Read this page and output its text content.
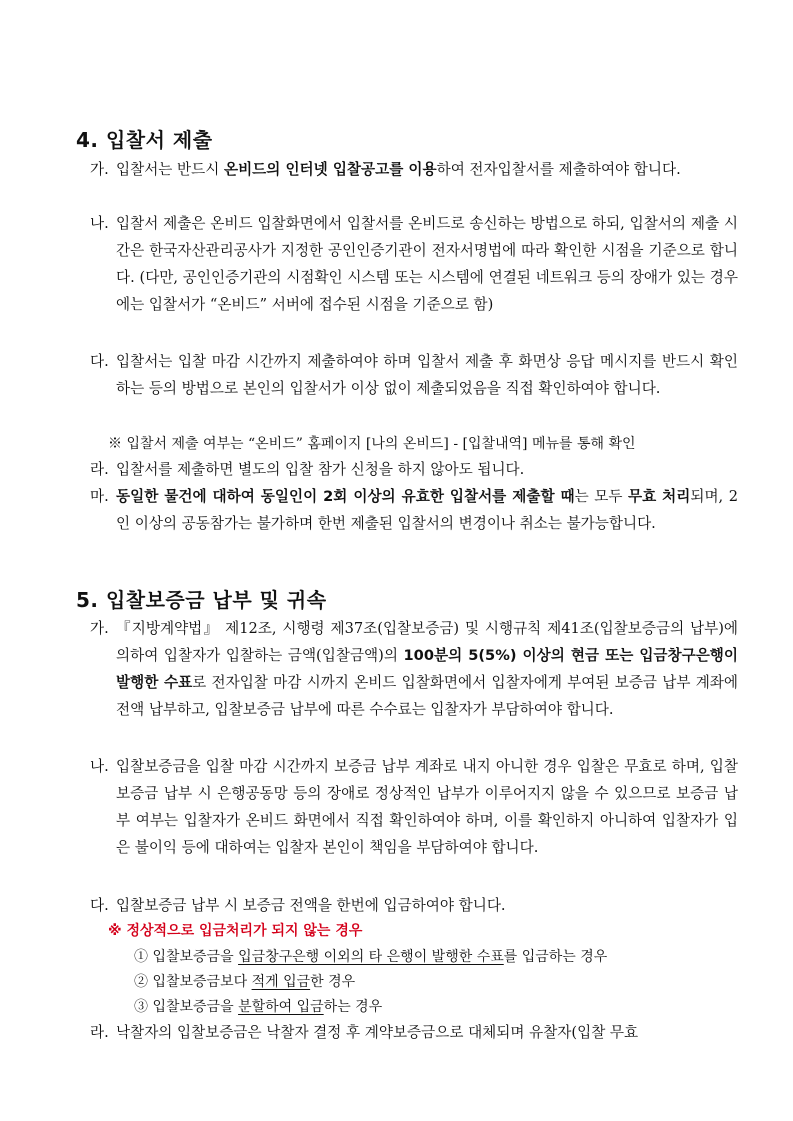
4. 입찰서 제출
가. 입찰서는 반드시 온비드의 인터넷 입찰공고를 이용하여 전자입찰서를 제출하여야 합니다.
나. 입찰서 제출은 온비드 입찰화면에서 입찰서를 온비드로 송신하는 방법으로 하되, 입찰서의 제출 시간은 한국자산관리공사가 지정한 공인인증기관이 전자서명법에 따라 확인한 시점을 기준으로 합니다. (다만, 공인인증기관의 시점확인 시스템 또는 시스템에 연결된 네트워크 등의 장애가 있는 경우에는 입찰서가 “온비드” 서버에 접수된 시점을 기준으로 함)
다. 입찰서는 입찰 마감 시간까지 제출하여야 하며 입찰서 제출 후 화면상 응답 메시지를 반드시 확인하는 등의 방법으로 본인의 입찰서가 이상 없이 제출되었음을 직접 확인하여야 합니다.
※ 입찰서 제출 여부는 “온비드” 홈페이지 [나의 온비드] - [입찰내역] 메뉴를 통해 확인
라. 입찰서를 제출하면 별도의 입찰 참가 신청을 하지 않아도 됩니다.
마. 동일한 물건에 대하여 동일인이 2회 이상의 유효한 입찰서를 제출할 때는 모두 무효 처리되며, 2인 이상의 공동참가는 불가하며 한번 제출된 입찰서의 변경이나 취소는 불가능합니다.
5. 입찰보증금 납부 및 귀속
가. 『지방계약법』 제12조, 시행령 제37조(입찰보증금) 및 시행규칙 제41조(입찰보증금의 납부)에 의하여 입찰자가 입찰하는 금액(입찰금액)의 100분의 5(5%) 이상의 현금 또는 입금창구은행이 발행한 수표로 전자입찰 마감 시까지 온비드 입찰화면에서 입찰자에게 부여된 보증금 납부 계좌에 전액 납부하고, 입찰보증금 납부에 따른 수수료는 입찰자가 부담하여야 합니다.
나. 입찰보증금을 입찰 마감 시간까지 보증금 납부 계좌로 내지 아니한 경우 입찰은 무효로 하며, 입찰보증금 납부 시 은행공동망 등의 장애로 정상적인 납부가 이루어지지 않을 수 있으므로 보증금 납부 여부는 입찰자가 온비드 화면에서 직접 확인하여야 하며, 이를 확인하지 아니하여 입찰자가 입은 불이익 등에 대하여는 입찰자 본인이 책임을 부담하여야 합니다.
다. 입찰보증금 납부 시 보증금 전액을 한번에 입금하여야 합니다.
※ 정상적으로 입금처리가 되지 않는 경우
① 입찰보증금을 입금창구은행 이외의 타 은행이 발행한 수표를 입금하는 경우
② 입찰보증금보다 적게 입금한 경우
③ 입찰보증금을 분할하여 입금하는 경우
라. 낙찰자의 입찰보증금은 낙찰자 결정 후 계약보증금으로 대체되며 유찰자(입찰 무효
